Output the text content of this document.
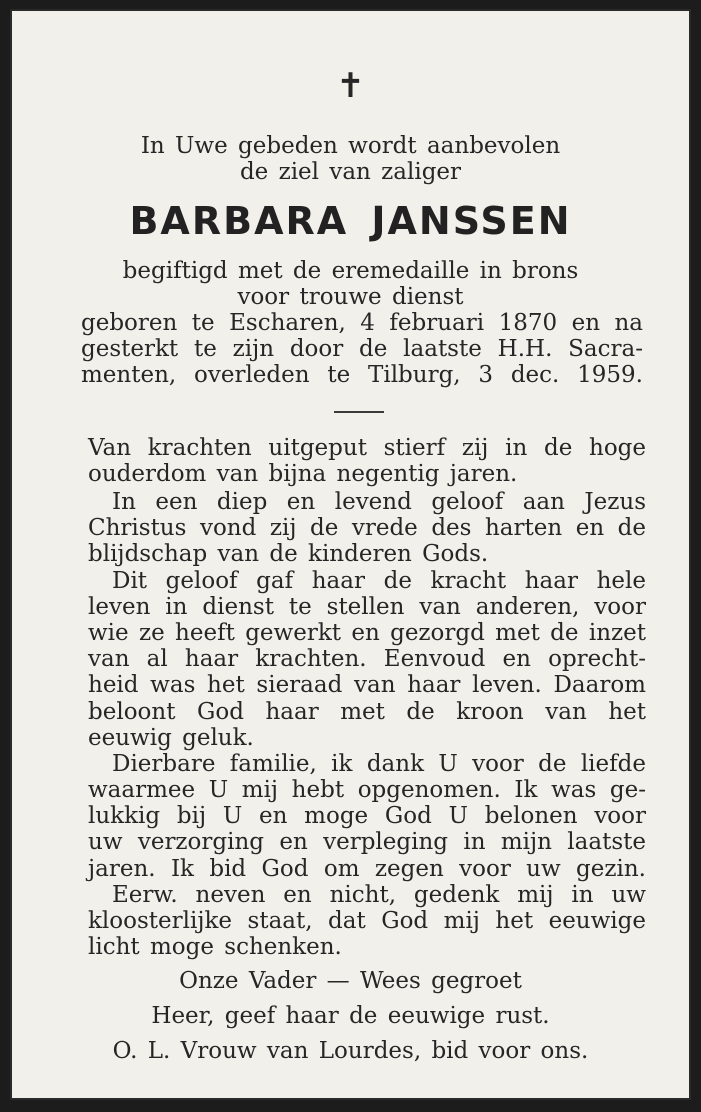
✝
In Uwe gebeden wordt aanbevolen
de ziel van zaliger
BARBARA JANSSEN
begiftigd met de eremedaille in brons
voor trouwe dienst
geboren te Escharen, 4 februari 1870 en na
gesterkt te zijn door de laatste H.H. Sacra-
menten, overleden te Tilburg, 3 dec. 1959.
Van krachten uitgeput stierf zij in de hoge
ouderdom van bijna negentig jaren.
In een diep en levend geloof aan Jezus
Christus vond zij de vrede des harten en de
blijdschap van de kinderen Gods.
Dit geloof gaf haar de kracht haar hele
leven in dienst te stellen van anderen, voor
wie ze heeft gewerkt en gezorgd met de inzet
van al haar krachten. Eenvoud en oprecht-
heid was het sieraad van haar leven. Daarom
beloont God haar met de kroon van het
eeuwig geluk.
Dierbare familie, ik dank U voor de liefde
waarmee U mij hebt opgenomen. Ik was ge-
lukkig bij U en moge God U belonen voor
uw verzorging en verpleging in mijn laatste
jaren. Ik bid God om zegen voor uw gezin.
Eerw. neven en nicht, gedenk mij in uw
kloosterlijke staat, dat God mij het eeuwige
licht moge schenken.
Onze Vader — Wees gegroet
Heer, geef haar de eeuwige rust.
O. L. Vrouw van Lourdes, bid voor ons.
